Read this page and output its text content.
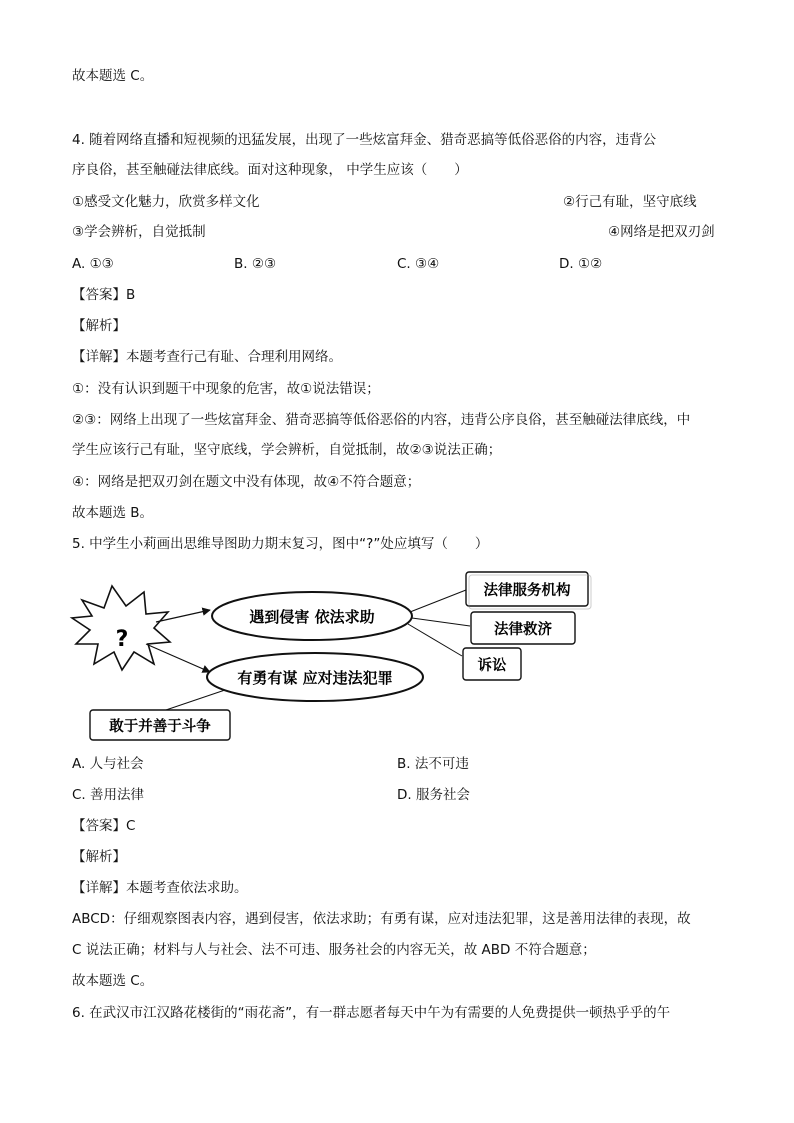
故本题选 C。
4. 随着网络直播和短视频的迅猛发展，出现了一些炫富拜金、猎奇恶搞等低俗恶俗的内容，违背公
序良俗，甚至触碰法律底线。面对这种现象， 中学生应该（　　）
①感受文化魅力，欣赏多样文化	②行己有耻，坚守底线
③学会辨析，自觉抵制	④网络是把双刃剑
A. ①③	B. ②③	C. ③④	D. ①②
【答案】B
【解析】
【详解】本题考查行己有耻、合理利用网络。
①：没有认识到题干中现象的危害，故①说法错误；
②③：网络上出现了一些炫富拜金、猎奇恶搞等低俗恶俗的内容，违背公序良俗，甚至触碰法律底线，中
学生应该行己有耻，坚守底线，学会辨析，自觉抵制，故②③说法正确；
④：网络是把双刃剑在题文中没有体现，故④不符合题意；
故本题选 B。
5. 中学生小莉画出思维导图助力期末复习，图中“?”处应填写（　　）
?
遇到侵害 依法求助
有勇有谋 应对违法犯罪
法律服务机构
法律救济
诉讼
敢于并善于斗争
A. 人与社会	B. 法不可违
C. 善用法律	D. 服务社会
【答案】C
【解析】
【详解】本题考查依法求助。
ABCD：仔细观察图表内容，遇到侵害，依法求助；有勇有谋，应对违法犯罪，这是善用法律的表现，故
C 说法正确；材料与人与社会、法不可违、服务社会的内容无关，故 ABD 不符合题意；
故本题选 C。
6. 在武汉市江汉路花楼街的“雨花斋”，有一群志愿者每天中午为有需要的人免费提供一顿热乎乎的午
